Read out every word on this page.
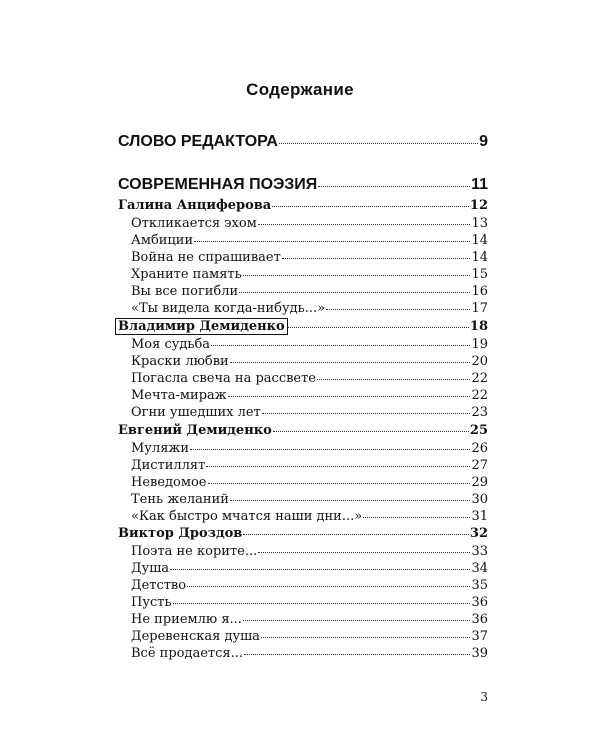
Содержание
СЛОВО РЕДАКТОРА	9
СОВРЕМЕННАЯ ПОЭЗИЯ	11
Галина Анциферова	12
Откликается эхом	13
Амбиции	14
Война не спрашивает	14
Храните память	15
Вы все погибли	16
«Ты видела когда-нибудь...»	17
Владимир Демиденко	18
Моя судьба	19
Краски любви	20
Погасла свеча на рассвете	22
Мечта-мираж	22
Огни ушедших лет	23
Евгений Демиденко	25
Муляжи	26
Дистиллят	27
Неведомое	29
Тень желаний	30
«Как быстро мчатся наши дни...»	31
Виктор Дроздов	32
Поэта не корите...	33
Душа	34
Детство	35
Пусть	36
Не приемлю я...	36
Деревенская душа	37
Всё продается...	39
3
